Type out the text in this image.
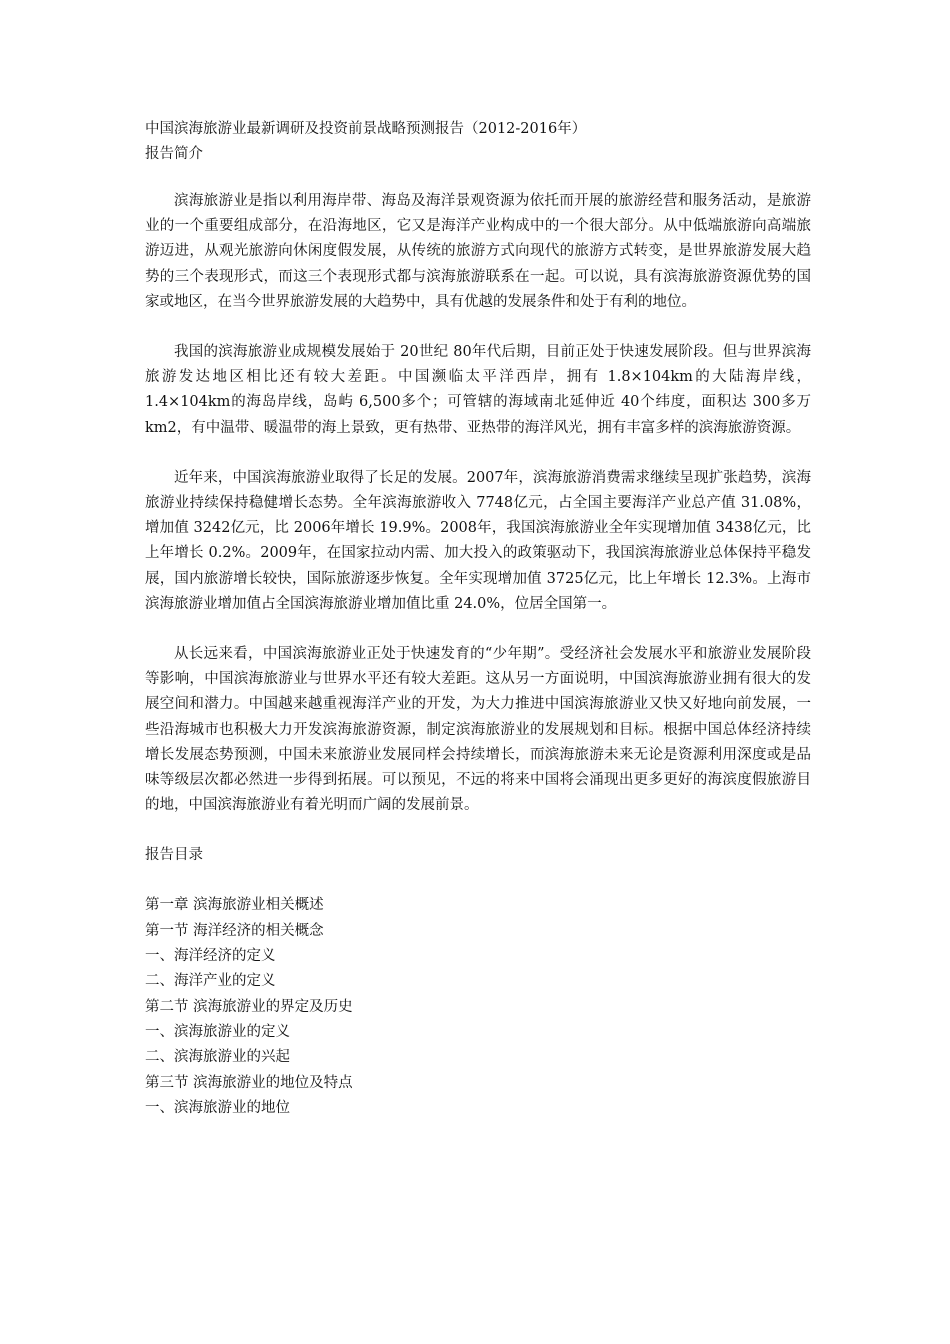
中国滨海旅游业最新调研及投资前景战略预测报告（2012-2016年）

报告简介

滨海旅游业是指以利用海岸带、海岛及海洋景观资源为依托而开展的旅游经营和服务活动，是旅游业的一个重要组成部分，在沿海地区，它又是海洋产业构成中的一个很大部分。从中低端旅游向高端旅游迈进，从观光旅游向休闲度假发展，从传统的旅游方式向现代的旅游方式转变，是世界旅游发展大趋势的三个表现形式，而这三个表现形式都与滨海旅游联系在一起。可以说，具有滨海旅游资源优势的国家或地区，在当今世界旅游发展的大趋势中，具有优越的发展条件和处于有利的地位。

我国的滨海旅游业成规模发展始于 20世纪 80年代后期，目前正处于快速发展阶段。但与世界滨海旅游发达地区相比还有较大差距。中国濒临太平洋西岸，拥有 1.8×104km的大陆海岸线，1.4×104km的海岛岸线，岛屿 6,500多个；可管辖的海域南北延伸近 40个纬度，面积达 300多万 km2，有中温带、暖温带的海上景致，更有热带、亚热带的海洋风光，拥有丰富多样的滨海旅游资源。

近年来，中国滨海旅游业取得了长足的发展。2007年，滨海旅游消费需求继续呈现扩张趋势，滨海旅游业持续保持稳健增长态势。全年滨海旅游收入 7748亿元，占全国主要海洋产业总产值 31.08%，增加值 3242亿元，比 2006年增长 19.9%。2008年，我国滨海旅游业全年实现增加值 3438亿元，比上年增长 0.2%。2009年，在国家拉动内需、加大投入的政策驱动下，我国滨海旅游业总体保持平稳发展，国内旅游增长较快，国际旅游逐步恢复。全年实现增加值 3725亿元，比上年增长 12.3%。上海市滨海旅游业增加值占全国滨海旅游业增加值比重 24.0%，位居全国第一。

从长远来看，中国滨海旅游业正处于快速发育的“少年期”。受经济社会发展水平和旅游业发展阶段等影响，中国滨海旅游业与世界水平还有较大差距。这从另一方面说明，中国滨海旅游业拥有很大的发展空间和潜力。中国越来越重视海洋产业的开发，为大力推进中国滨海旅游业又快又好地向前发展，一些沿海城市也积极大力开发滨海旅游资源，制定滨海旅游业的发展规划和目标。根据中国总体经济持续增长发展态势预测，中国未来旅游业发展同样会持续增长，而滨海旅游未来无论是资源利用深度或是品味等级层次都必然进一步得到拓展。可以预见，不远的将来中国将会涌现出更多更好的海滨度假旅游目的地，中国滨海旅游业有着光明而广阔的发展前景。

报告目录

第一章 滨海旅游业相关概述
第一节 海洋经济的相关概念
一、海洋经济的定义
二、海洋产业的定义
第二节 滨海旅游业的界定及历史
一、滨海旅游业的定义
二、滨海旅游业的兴起
第三节 滨海旅游业的地位及特点
一、滨海旅游业的地位
